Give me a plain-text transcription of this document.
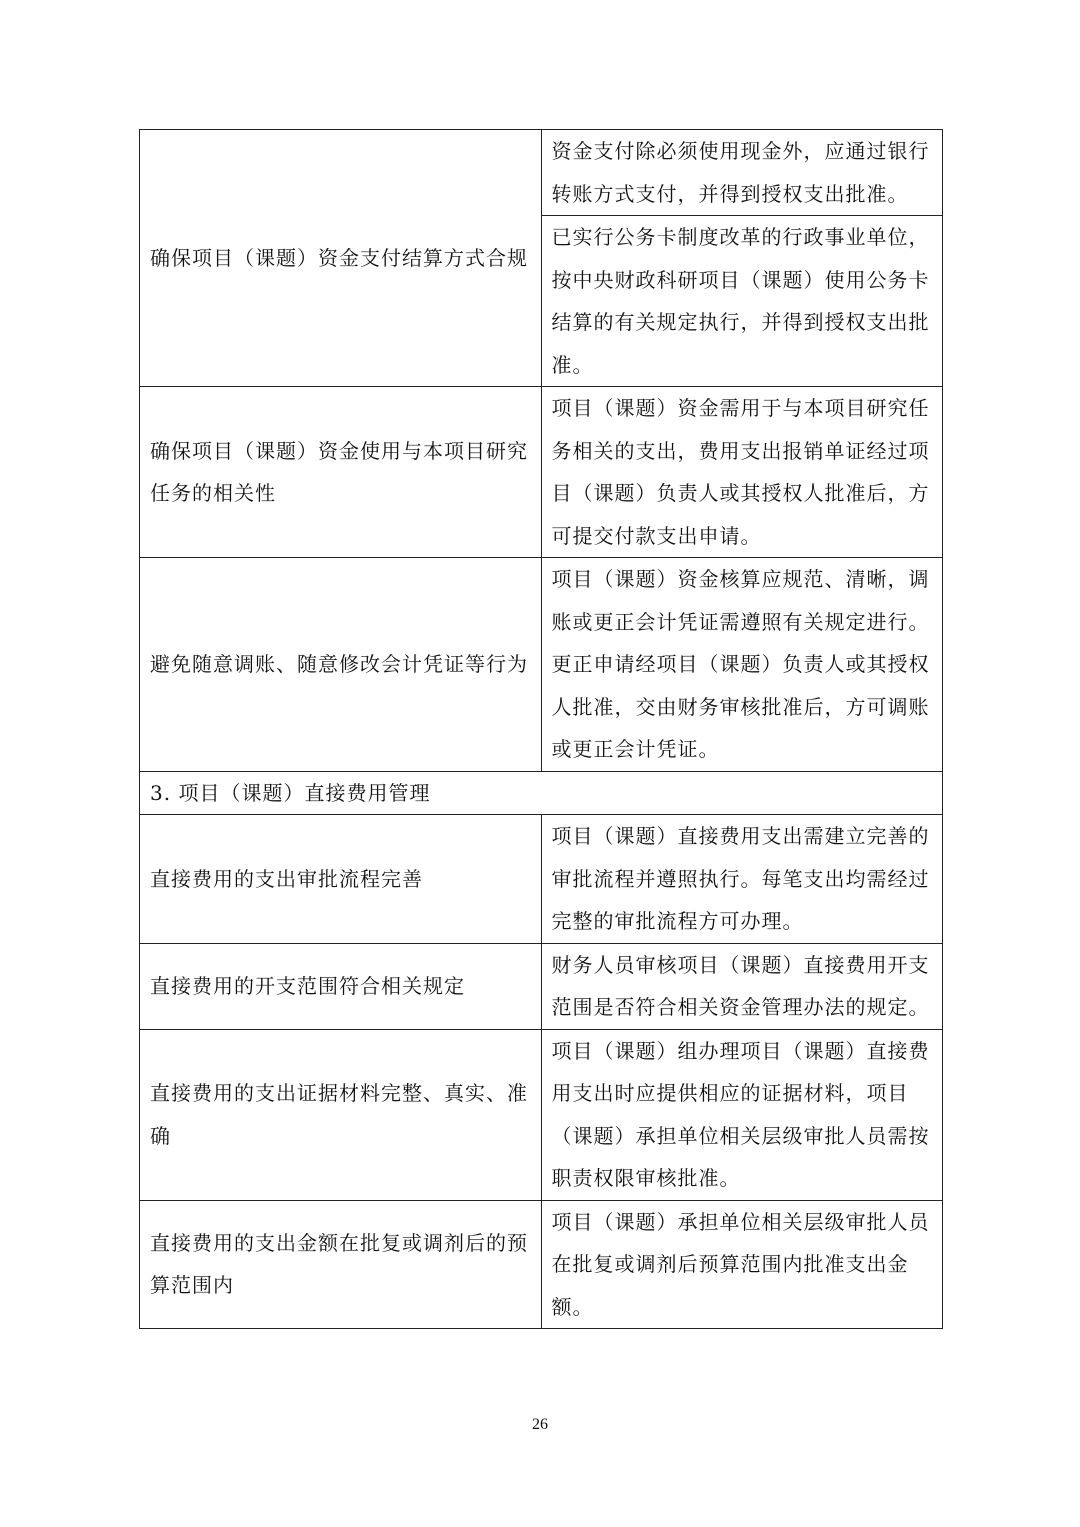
确保项目（课题）资金支付结算方式合规	资金支付除必须使用现金外，应通过银行转账方式支付，并得到授权支出批准。
已实行公务卡制度改革的行政事业单位，按中央财政科研项目（课题）使用公务卡结算的有关规定执行，并得到授权支出批准。

确保项目（课题）资金使用与本项目研究任务的相关性	项目（课题）资金需用于与本项目研究任务相关的支出，费用支出报销单证经过项目（课题）负责人或其授权人批准后，方可提交付款支出申请。
避免随意调账、随意修改会计凭证等行为	项目（课题）资金核算应规范、清晰，调账或更正会计凭证需遵照有关规定进行。更正申请经项目（课题）负责人或其授权人批准，交由财务审核批准后，方可调账或更正会计凭证。
3. 项目（课题）直接费用管理	
直接费用的支出审批流程完善	项目（课题）直接费用支出需建立完善的审批流程并遵照执行。每笔支出均需经过完整的审批流程方可办理。
直接费用的开支范围符合相关规定	财务人员审核项目（课题）直接费用开支范围是否符合相关资金管理办法的规定。
直接费用的支出证据材料完整、真实、准确	项目（课题）组办理项目（课题）直接费用支出时应提供相应的证据材料，项目（课题）承担单位相关层级审批人员需按职责权限审核批准。
直接费用的支出金额在批复或调剂后的预算范围内	项目（课题）承担单位相关层级审批人员在批复或调剂后预算范围内批准支出金额。
26
